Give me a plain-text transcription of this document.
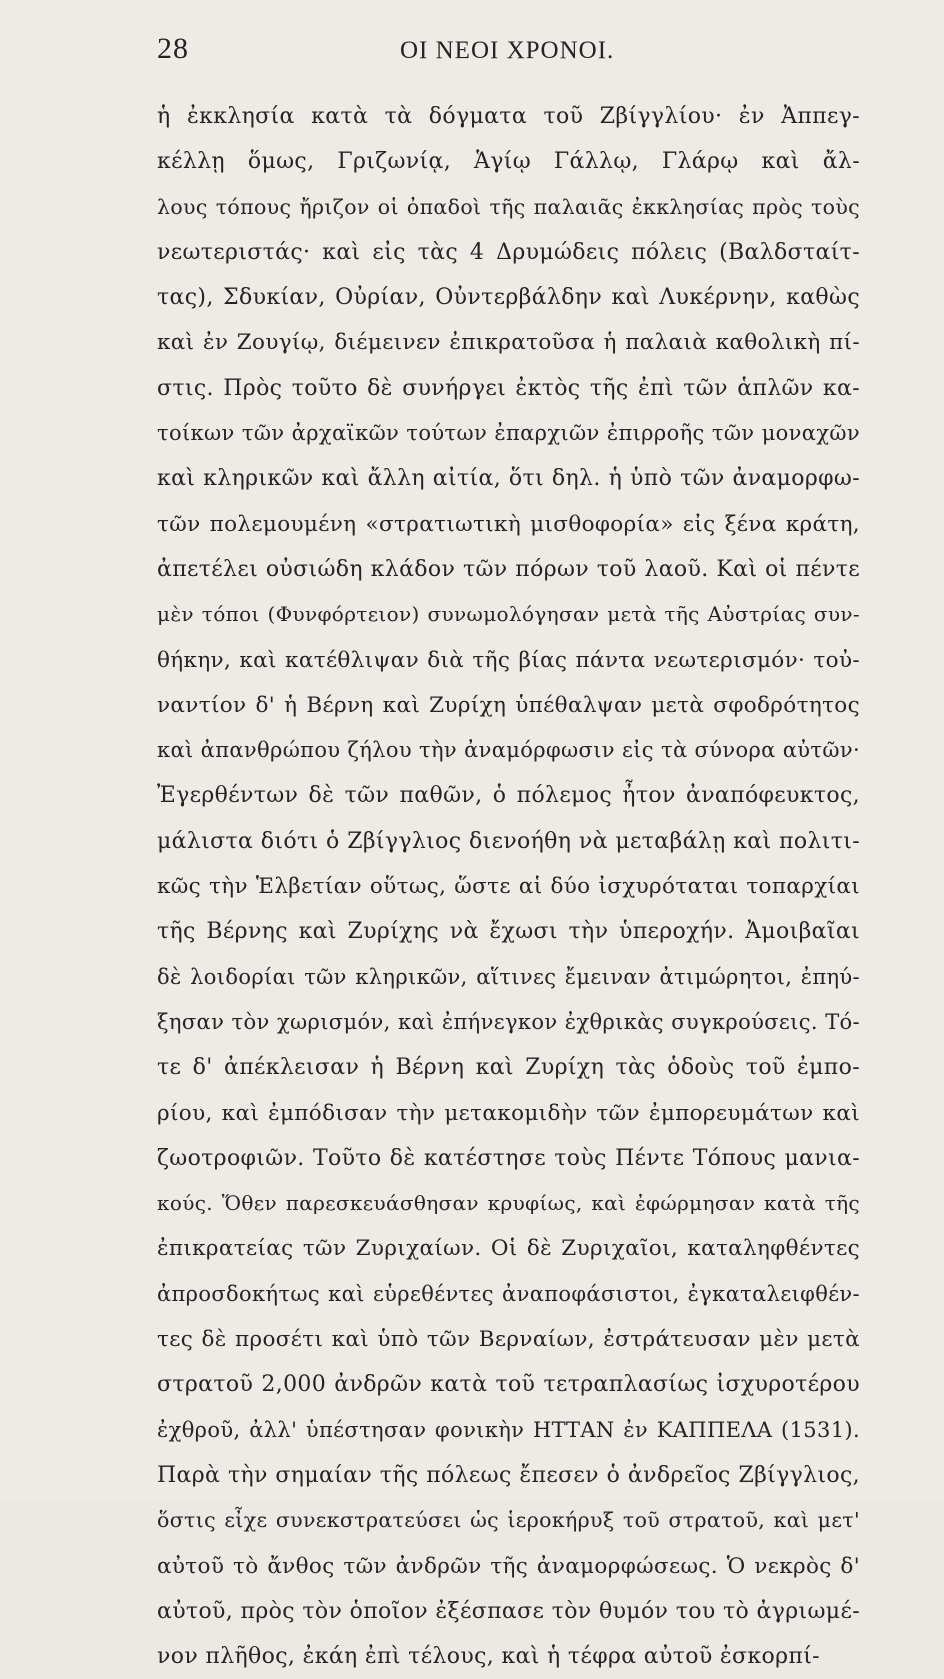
28	ΟΙ ΝΕΟΙ ΧΡΟΝΟΙ.
ἡ ἐκκλησία κατὰ τὰ δόγματα τοῦ Ζβίγγλίου· ἐν Ἀππεγ-
κέλλῃ ὅμως, Γριζωνίᾳ, Ἁγίῳ Γάλλῳ, Γλάρῳ καὶ ἄλ-
λους τόπους ἤριζον οἱ ὀπαδοὶ τῆς παλαιᾶς ἐκκλησίας πρὸς τοὺς
νεωτεριστάς· καὶ εἰς τὰς 4 Δρυμώδεις πόλεις (Βαλδσταίτ-
τας), Σδυκίαν, Οὐρίαν, Οὐντερβάλδην καὶ Λυκέρνην, καθὼς
καὶ ἐν Ζουγίῳ, διέμεινεν ἐπικρατοῦσα ἡ παλαιὰ καθολικὴ πί-
στις. Πρὸς τοῦτο δὲ συνήργει ἐκτὸς τῆς ἐπὶ τῶν ἁπλῶν κα-
τοίκων τῶν ἀρχαϊκῶν τούτων ἐπαρχιῶν ἐπιρροῆς τῶν μοναχῶν
καὶ κληρικῶν καὶ ἄλλη αἰτία, ὅτι δηλ. ἡ ὑπὸ τῶν ἀναμορφω-
τῶν πολεμουμένη «στρατιωτικὴ μισθοφορία» εἰς ξένα κράτη,
ἀπετέλει οὐσιώδη κλάδον τῶν πόρων τοῦ λαοῦ. Καὶ οἱ πέντε
μὲν τόποι (Φυνφόρτειον) συνωμολόγησαν μετὰ τῆς Αὐστρίας συν-
θήκην, καὶ κατέθλιψαν διὰ τῆς βίας πάντα νεωτερισμόν· τοὐ-
ναντίον δ' ἡ Βέρνη καὶ Ζυρίχη ὑπέθαλψαν μετὰ σφοδρότητος
καὶ ἀπανθρώπου ζήλου τὴν ἀναμόρφωσιν εἰς τὰ σύνορα αὐτῶν·
Ἐγερθέντων δὲ τῶν παθῶν, ὁ πόλεμος ἦτον ἀναπόφευκτος,
μάλιστα διότι ὁ Ζβίγγλιος διενοήθη νὰ μεταβάλῃ καὶ πολιτι-
κῶς τὴν Ἑλβετίαν οὕτως, ὥστε αἱ δύο ἰσχυρόταται τοπαρχίαι
τῆς Βέρνης καὶ Ζυρίχης νὰ ἔχωσι τὴν ὑπεροχήν. Ἀμοιβαῖαι
δὲ λοιδορίαι τῶν κληρικῶν, αἵτινες ἔμειναν ἀτιμώρητοι, ἐπηύ-
ξησαν τὸν χωρισμόν, καὶ ἐπήνεγκον ἐχθρικὰς συγκρούσεις. Τό-
τε δ' ἀπέκλεισαν ἡ Βέρνη καὶ Ζυρίχη τὰς ὁδοὺς τοῦ ἐμπο-
ρίου, καὶ ἐμπόδισαν τὴν μετακομιδὴν τῶν ἐμπορευμάτων καὶ
ζωοτροφιῶν. Τοῦτο δὲ κατέστησε τοὺς Πέντε Τόπους μανια-
κούς. Ὅθεν παρεσκευάσθησαν κρυφίως, καὶ ἐφώρμησαν κατὰ τῆς
ἐπικρατείας τῶν Ζυριχαίων. Οἱ δὲ Ζυριχαῖοι, καταληφθέντες
ἀπροσδοκήτως καὶ εὑρεθέντες ἀναποφάσιστοι, ἐγκαταλειφθέν-
τες δὲ προσέτι καὶ ὑπὸ τῶν Βερναίων, ἐστράτευσαν μὲν μετὰ
στρατοῦ 2,000 ἀνδρῶν κατὰ τοῦ τετραπλασίως ἰσχυροτέρου
ἐχθροῦ, ἀλλ' ὑπέστησαν φονικὴν ΗΤΤΑΝ ἐν ΚΑΠΠΕΛΑ (1531).
Παρὰ τὴν σημαίαν τῆς πόλεως ἔπεσεν ὁ ἀνδρεῖος Ζβίγγλιος,
ὅστις εἶχε συνεκστρατεύσει ὡς ἱεροκήρυξ τοῦ στρατοῦ, καὶ μετ'
αὐτοῦ τὸ ἄνθος τῶν ἀνδρῶν τῆς ἀναμορφώσεως. Ὁ νεκρὸς δ'
αὐτοῦ, πρὸς τὸν ὁποῖον ἐξέσπασε τὸν θυμόν του τὸ ἀγριωμέ-
νον πλῆθος, ἐκάη ἐπὶ τέλους, καὶ ἡ τέφρα αὐτοῦ ἐσκορπί-
